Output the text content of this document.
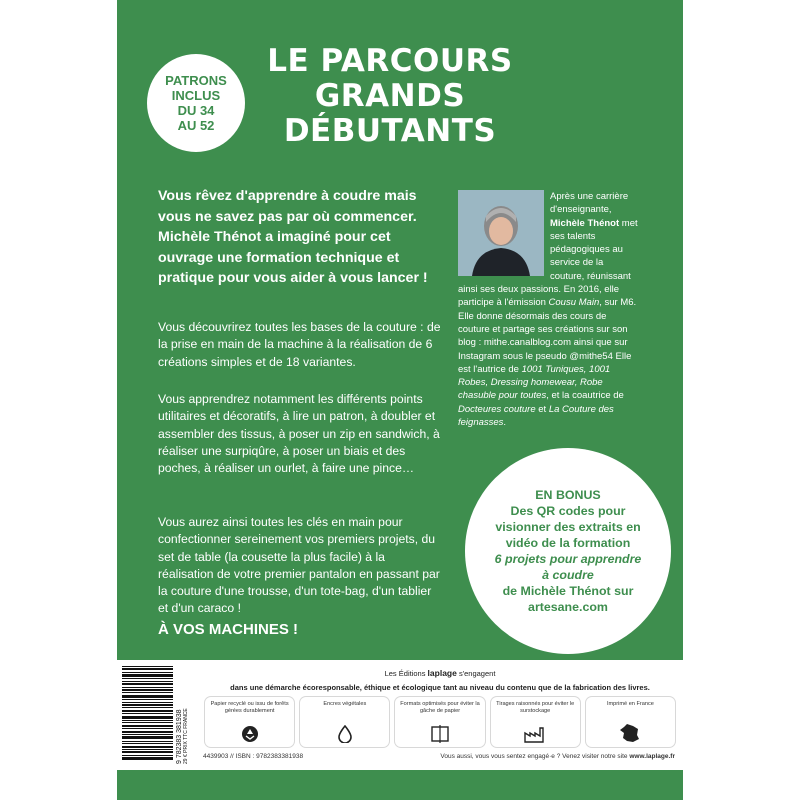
PATRONS
INCLUS
DU 34
AU 52
LE PARCOURS
GRANDS
DÉBUTANTS
Vous rêvez d'apprendre à coudre mais vous ne savez pas par où commencer. Michèle Thénot a imaginé pour cet ouvrage une formation technique et pratique pour vous aider à vous lancer !
Vous découvrirez toutes les bases de la couture : de la prise en main de la machine à la réalisation de 6 créations simples et de 18 variantes.
Vous apprendrez notamment les différents points utilitaires et décoratifs, à lire un patron, à doubler et assembler des tissus, à poser un zip en sandwich, à réaliser une surpiqûre, à poser un biais et des poches, à réaliser un ourlet, à faire une pince…
Vous aurez ainsi toutes les clés en main pour confectionner sereinement vos premiers projets, du set de table (la cousette la plus facile) à la réalisation de votre premier pantalon en passant par la couture d'une trousse, d'un tote-bag, d'un tablier et d'un caraco !
À VOS MACHINES !
Après une carrière d'enseignante, Michèle Thénot met ses talents pédagogiques au service de la couture, réunissant ainsi ses deux passions. En 2016, elle participe à l'émission Cousu Main, sur M6. Elle donne désormais des cours de couture et partage ses créations sur son blog : mithe.canalblog.com ainsi que sur Instagram sous le pseudo @mithe54 Elle est l'autrice de 1001 Tuniques, 1001 Robes, Dressing homewear, Robe chasuble pour toutes, et la coautrice de Docteures couture et La Couture des feignasses.
EN BONUS
Des QR codes pour visionner des extraits en vidéo de la formation
6 projets pour apprendre à coudre
de Michèle Thénot sur artesane.com
9 782383 381938 29 € PRIX TTC FRANCE
Les Éditions laplage s'engagent
dans une démarche écoresponsable, éthique et écologique tant au niveau du contenu que de la fabrication des livres.
Papier recyclé ou issu de forêts gérées durablement
Encres végétales	Formats optimisés pour éviter la gâche de papier
Tirages raisonnés pour éviter le surstockage
Imprimé en France
4439903 // ISBN : 9782383381938	Vous aussi, vous vous sentez engagé·e ? Venez visiter notre site www.laplage.fr
